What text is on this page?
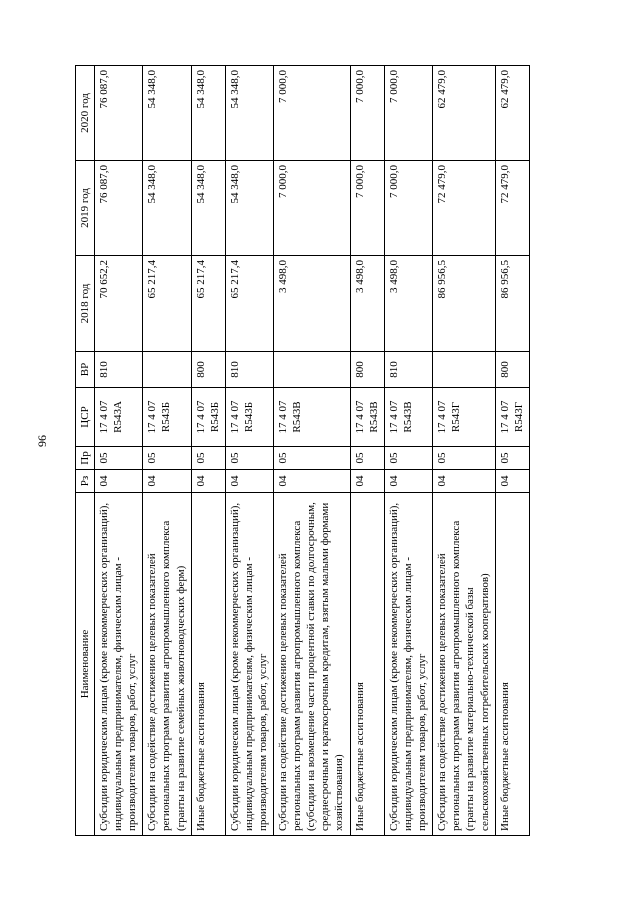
96
Наименование	Рз	Пр	ЦСР	ВР	2018 год	2019 год	2020 год
Субсидии юридическим лицам (кроме некоммерческих организаций), индивидуальным предпринимателям, физическим лицам - производителям товаров, работ, услуг	04	05	17 4 07 R543А	810	70 652,2	76 087,0	76 087,0
Субсидии на содействие достижению целевых показателей региональных программ развития агропромышленного комплекса (гранты на развитие семейных животноводческих ферм)	04	05	17 4 07 R543Б		65 217,4	54 348,0	54 348,0
Иные бюджетные ассигнования	04	05	17 4 07 R543Б	800	65 217,4	54 348,0	54 348,0
Субсидии юридическим лицам (кроме некоммерческих организаций), индивидуальным предпринимателям, физическим лицам - производителям товаров, работ, услуг	04	05	17 4 07 R543Б	810	65 217,4	54 348,0	54 348,0
Субсидии на содействие достижению целевых показателей региональных программ развития агропромышленного комплекса (субсидии на возмещение части процентной ставки по долгосрочным, среднесрочным и краткосрочным кредитам, взятым малыми формами хозяйствования)	04	05	17 4 07 R543В		3 498,0	7 000,0	7 000,0
Иные бюджетные ассигнования	04	05	17 4 07 R543В	800	3 498,0	7 000,0	7 000,0
Субсидии юридическим лицам (кроме некоммерческих организаций), индивидуальным предпринимателям, физическим лицам - производителям товаров, работ, услуг	04	05	17 4 07 R543В	810	3 498,0	7 000,0	7 000,0
Субсидии на содействие достижению целевых показателей региональных программ развития агропромышленного комплекса (гранты на развитие материально-технической базы сельскохозяйственных потребительских кооперативов)	04	05	17 4 07 R543Г		86 956,5	72 479,0	62 479,0
Иные бюджетные ассигнования	04	05	17 4 07 R543Г	800	86 956,5	72 479,0	62 479,0
